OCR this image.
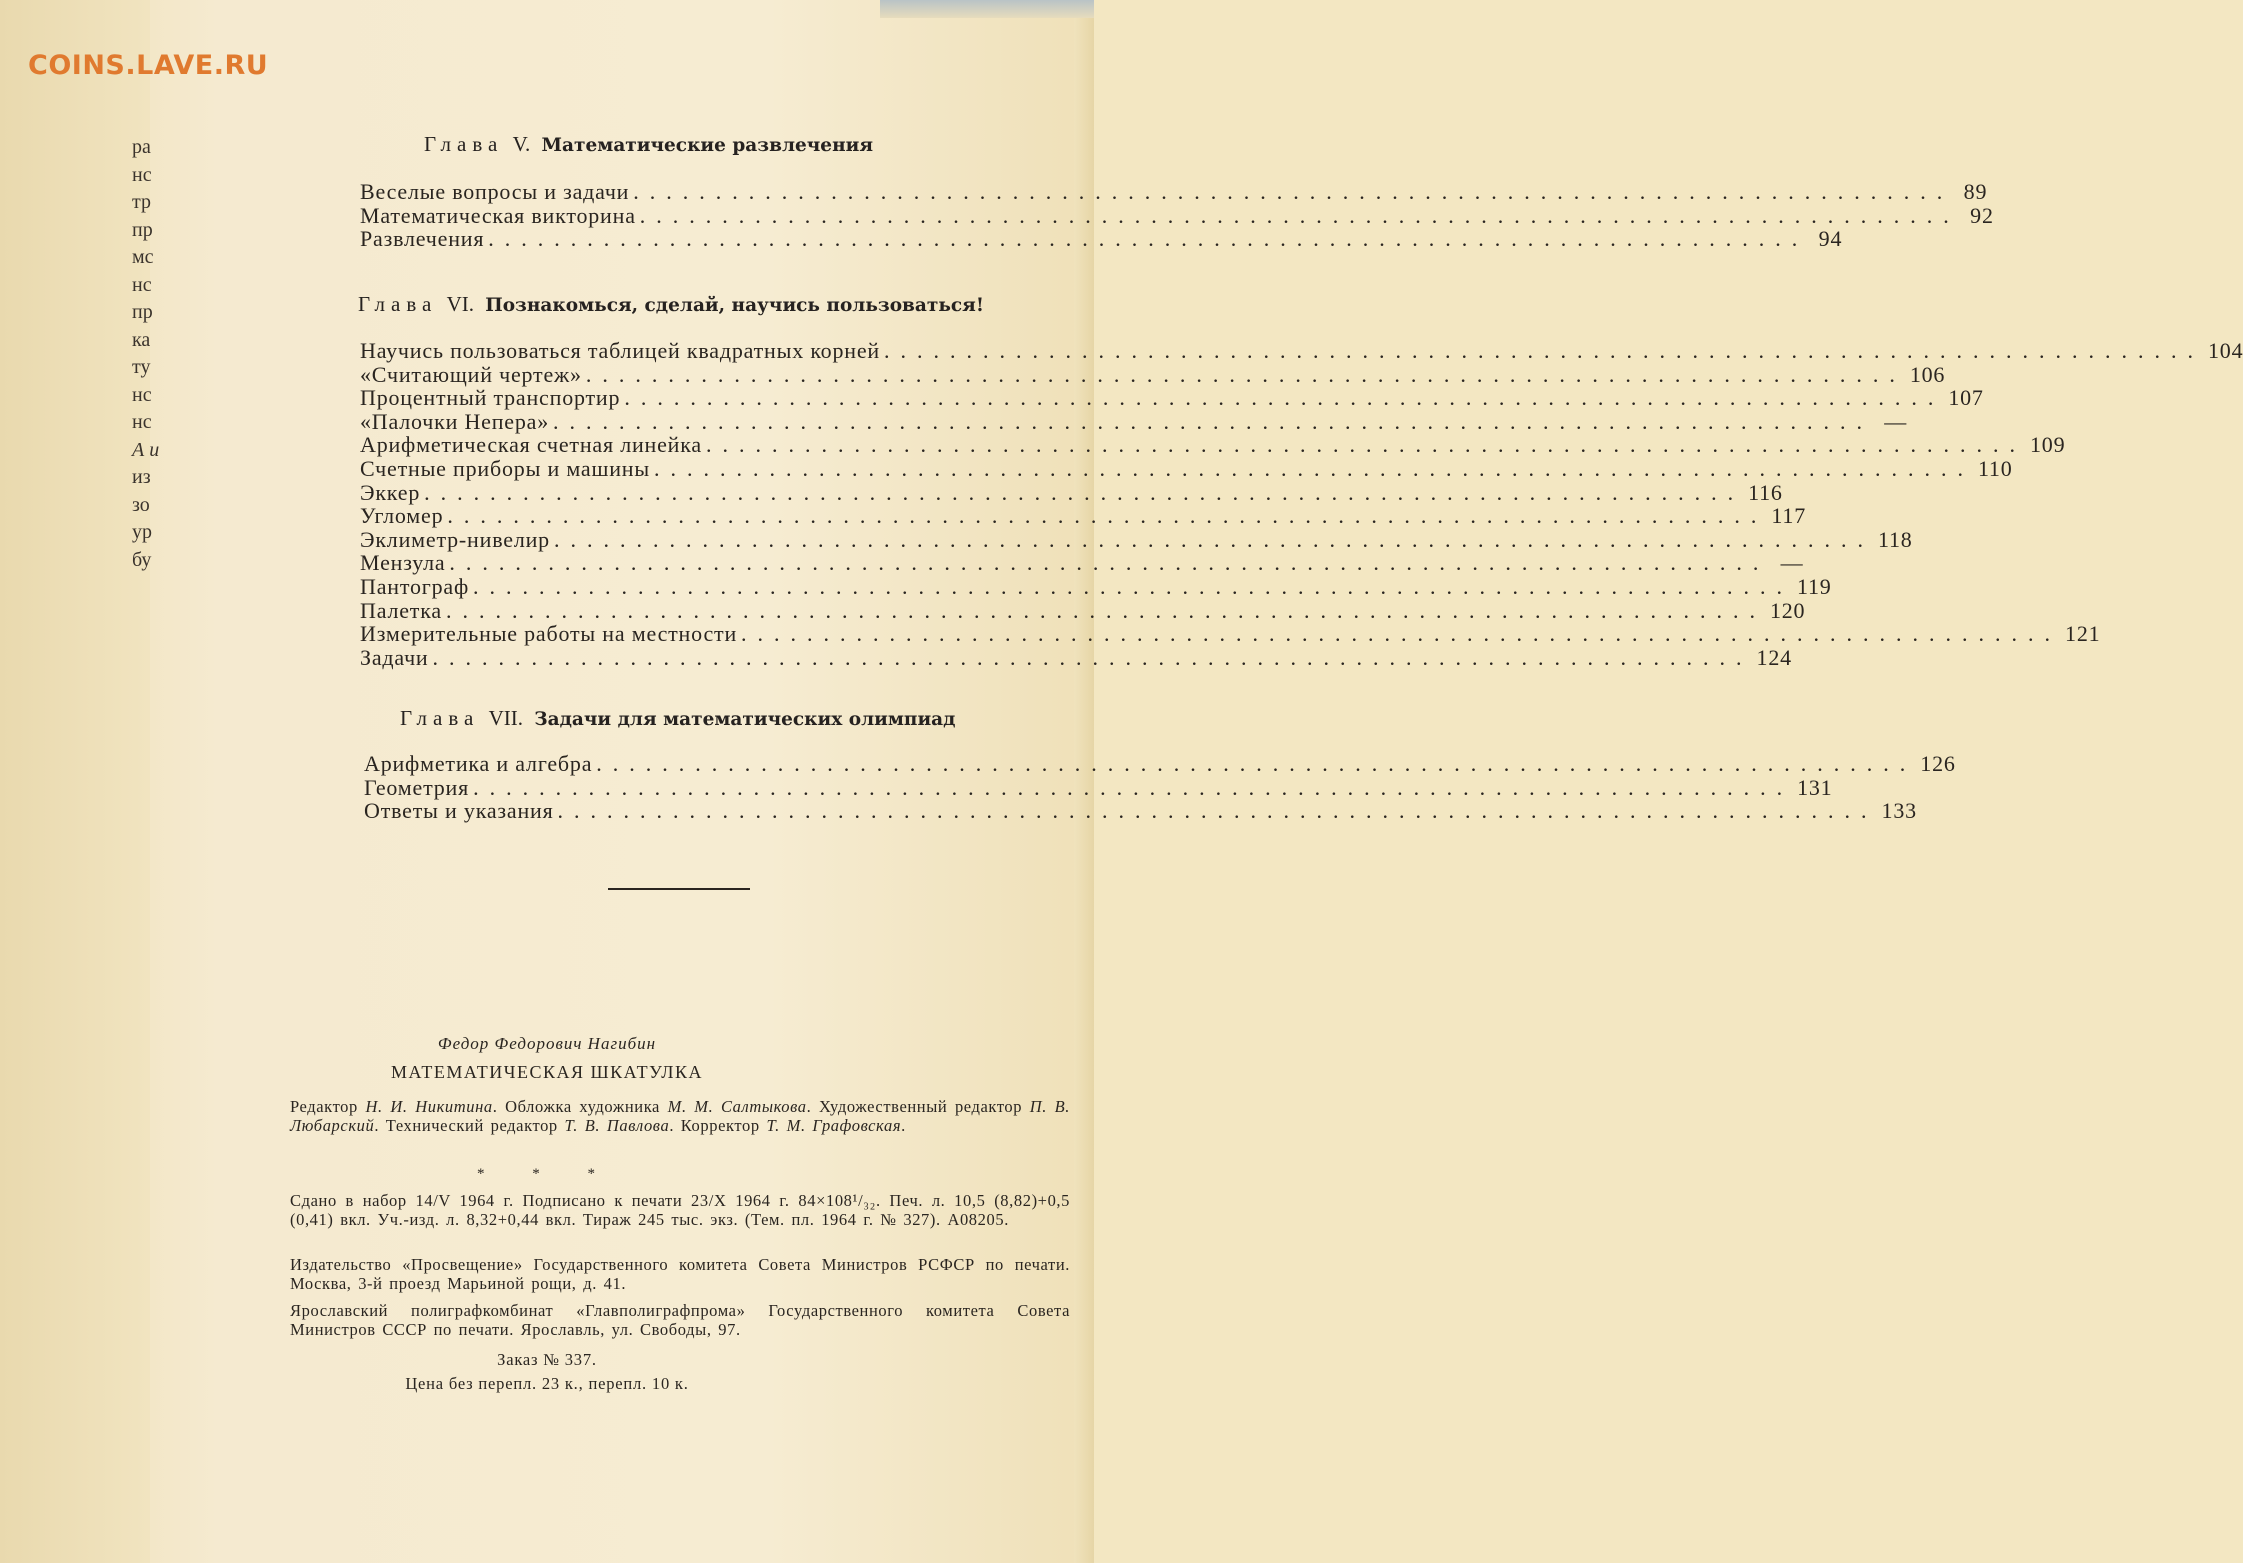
COINS.LAVE.RU
ра
нс
тр
пр
мс
нс
пр
ка
ту
нс
нс
А и
из
зо
ур
бу
Глава V. Математические развлечения
Веселые вопросы и задачи ................................................................................ 89
Математическая викторина ................................................................................ 92
Развлечения ................................................................................ 94
Глава VI. Познакомься, сделай, научись пользоваться!
Научись пользоваться таблицей квадратных корней ................................................................................ 104
«Считающий чертеж» ................................................................................ 106
Процентный транспортир ................................................................................ 107
«Палочки Непера» ................................................................................ —
Арифметическая счетная линейка ................................................................................ 109
Счетные приборы и машины ................................................................................ 110
Эккер ................................................................................ 116
Угломер ................................................................................ 117
Эклиметр-нивелир ................................................................................ 118
Мензула ................................................................................ —
Пантограф ................................................................................ 119
Палетка ................................................................................ 120
Измерительные работы на местности ................................................................................ 121
Задачи ................................................................................ 124
Глава VII. Задачи для математических олимпиад
Арифметика и алгебра ................................................................................ 126
Геометрия ................................................................................ 131
Ответы и указания ................................................................................ 133
Федор Федорович Нагибин
МАТЕМАТИЧЕСКАЯ ШКАТУЛКА
Редактор Н. И. Никитина. Обложка художника М. М. Салтыкова. Художественный редактор П. В. Любарский. Технический редактор Т. В. Павлова. Корректор Т. М. Графовская.
* * *
Сдано в набор 14/V 1964 г. Подписано к печати 23/X 1964 г. 84×108¹/₃₂. Печ. л. 10,5 (8,82)+0,5 (0,41) вкл. Уч.-изд. л. 8,32+0,44 вкл. Тираж 245 тыс. экз. (Тем. пл. 1964 г. № 327). А08205.
Издательство «Просвещение» Государственного комитета Совета Министров РСФСР по печати. Москва, 3-й проезд Марьиной рощи, д. 41.
Ярославский полиграфкомбинат «Главполиграфпрома» Государственного комитета Совета Министров СССР по печати. Ярославль, ул. Свободы, 97.
Заказ № 337.
Цена без перепл. 23 к., перепл. 10 к.
